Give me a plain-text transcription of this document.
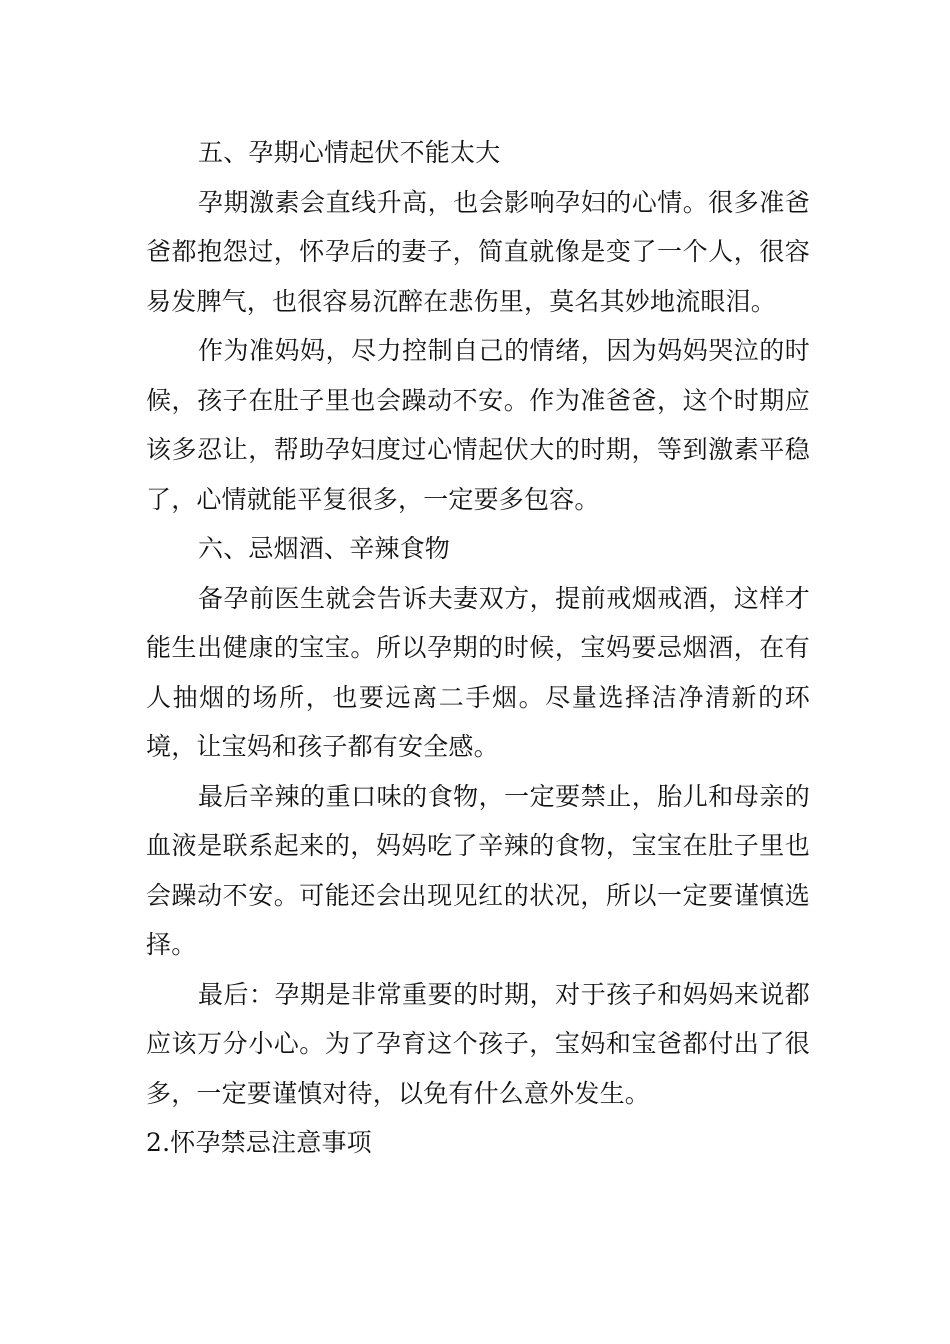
五、孕期心情起伏不能太大

孕期激素会直线升高，也会影响孕妇的心情。很多准爸爸都抱怨过，怀孕后的妻子，简直就像是变了一个人，很容易发脾气，也很容易沉醉在悲伤里，莫名其妙地流眼泪。

作为准妈妈，尽力控制自己的情绪，因为妈妈哭泣的时候，孩子在肚子里也会躁动不安。作为准爸爸，这个时期应该多忍让，帮助孕妇度过心情起伏大的时期，等到激素平稳了，心情就能平复很多，一定要多包容。

六、忌烟酒、辛辣食物

备孕前医生就会告诉夫妻双方，提前戒烟戒酒，这样才能生出健康的宝宝。所以孕期的时候，宝妈要忌烟酒，在有人抽烟的场所，也要远离二手烟。尽量选择洁净清新的环境，让宝妈和孩子都有安全感。

最后辛辣的重口味的食物，一定要禁止，胎儿和母亲的血液是联系起来的，妈妈吃了辛辣的食物，宝宝在肚子里也会躁动不安。可能还会出现见红的状况，所以一定要谨慎选择。

最后：孕期是非常重要的时期，对于孩子和妈妈来说都应该万分小心。为了孕育这个孩子，宝妈和宝爸都付出了很多，一定要谨慎对待，以免有什么意外发生。

2.怀孕禁忌注意事项
